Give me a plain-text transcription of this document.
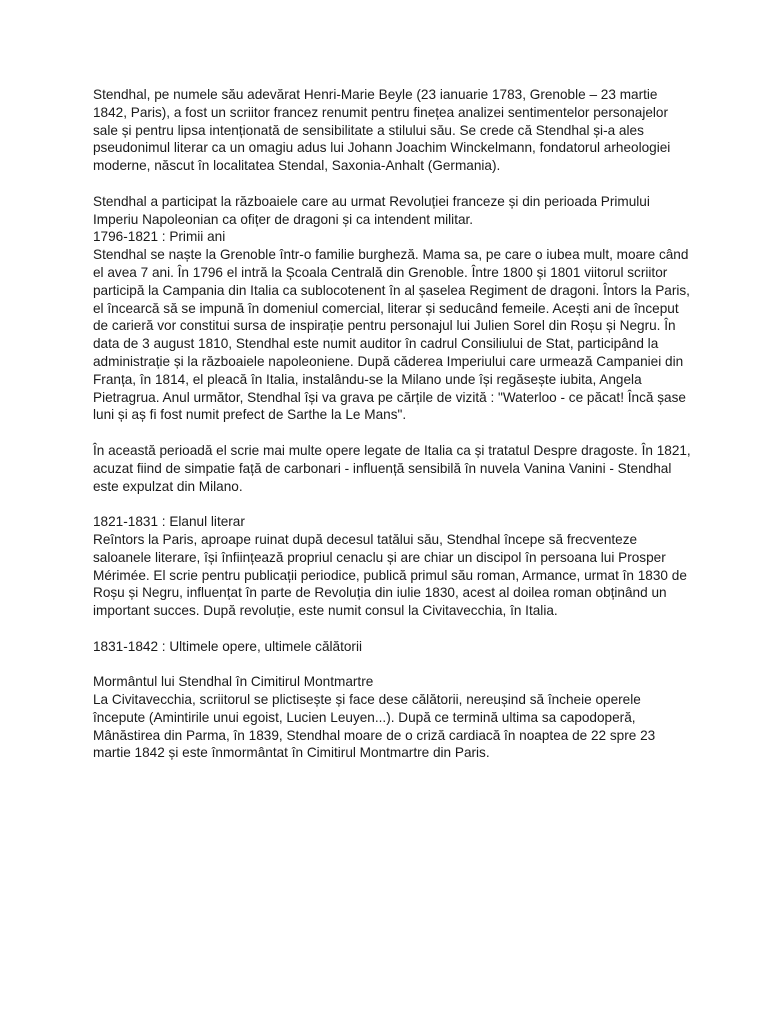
Stendhal, pe numele său adevărat Henri-Marie Beyle (23 ianuarie 1783, Grenoble – 23 martie 1842, Paris), a fost un scriitor francez renumit pentru finețea analizei sentimentelor personajelor sale și pentru lipsa intenționată de sensibilitate a stilului său. Se crede că Stendhal și-a ales pseudonimul literar ca un omagiu adus lui Johann Joachim Winckelmann, fondatorul arheologiei moderne, născut în localitatea Stendal, Saxonia-Anhalt (Germania).

Stendhal a participat la războaiele care au urmat Revoluției franceze și din perioada Primului Imperiu Napoleonian ca ofițer de dragoni și ca intendent militar.

1796-1821 : Primii ani

Stendhal se naște la Grenoble într-o familie burgheză. Mama sa, pe care o iubea mult, moare când el avea 7 ani. În 1796 el intră la Școala Centrală din Grenoble. Între 1800 și 1801 viitorul scriitor participă la Campania din Italia ca sublocotenent în al șaselea Regiment de dragoni. Întors la Paris, el încearcă să se impună în domeniul comercial, literar și seducând femeile. Acești ani de început de carieră vor constitui sursa de inspirație pentru personajul lui Julien Sorel din Roșu și Negru. În data de 3 august 1810, Stendhal este numit auditor în cadrul Consiliului de Stat, participând la administrație și la războaiele napoleoniene. După căderea Imperiului care urmează Campaniei din Franța, în 1814, el pleacă în Italia, instalându-se la Milano unde își regăsește iubita, Angela Pietragrua. Anul următor, Stendhal își va grava pe cărțile de vizită : "Waterloo - ce păcat! Încă șase luni și aș fi fost numit prefect de Sarthe la Le Mans".

În această perioadă el scrie mai multe opere legate de Italia ca și tratatul Despre dragoste. În 1821, acuzat fiind de simpatie față de carbonari - influență sensibilă în nuvela Vanina Vanini - Stendhal este expulzat din Milano.

1821-1831 : Elanul literar

Reîntors la Paris, aproape ruinat după decesul tatălui său, Stendhal începe să frecventeze saloanele literare, își înființează propriul cenaclu și are chiar un discipol în persoana lui Prosper Mérimée. El scrie pentru publicații periodice, publică primul său roman, Armance, urmat în 1830 de Roșu și Negru, influențat în parte de Revoluția din iulie 1830, acest al doilea roman obținând un important succes. După revoluție, este numit consul la Civitavecchia, în Italia.

1831-1842 : Ultimele opere, ultimele călătorii

Mormântul lui Stendhal în Cimitirul Montmartre

La Civitavecchia, scriitorul se plictisește și face dese călătorii, nereușind să încheie operele începute (Amintirile unui egoist, Lucien Leuyen...). După ce termină ultima sa capodoperă, Mânăstirea din Parma, în 1839, Stendhal moare de o criză cardiacă în noaptea de 22 spre 23 martie 1842 și este înmormântat în Cimitirul Montmartre din Paris.
